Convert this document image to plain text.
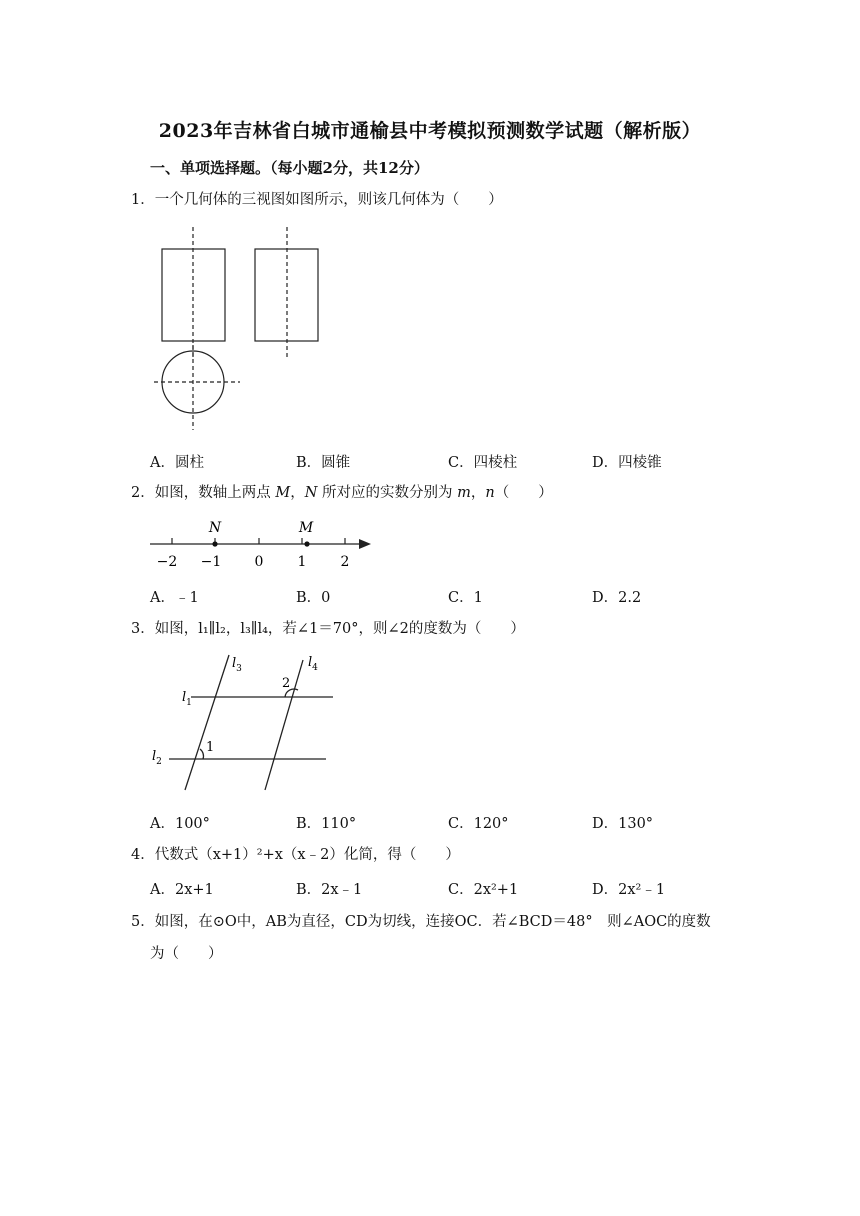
2023年吉林省白城市通榆县中考模拟预测数学试题（解析版）
一、单项选择题。（每小题2分，共12分）
1．一个几何体的三视图如图所示，则该几何体为（　　）
A．圆柱	B．圆锥	C．四棱柱	D．四棱锥
2．如图，数轴上两点 M，N 所对应的实数分别为 m，n（　　）
N	M
−2 −1 0 1 2
A．﹣1	B．0	C．1	D．2.2
3．如图，l₁∥l₂，l₃∥l₄，若∠1＝70°，则∠2的度数为（　　）
$l_3$	$l_4$
$l_1$
$l_2$
1
2
A．100°	B．110°	C．120°	D．130°
4．代数式（x+1）²+x（x﹣2）化简，得（　　）
A．2x+1	B．2x﹣1	C．2x²+1	D．2x²﹣1
5．如图，在⊙O中，AB为直径，CD为切线，连接OC．若∠BCD＝48°　则∠AOC的度数
为（　　）
